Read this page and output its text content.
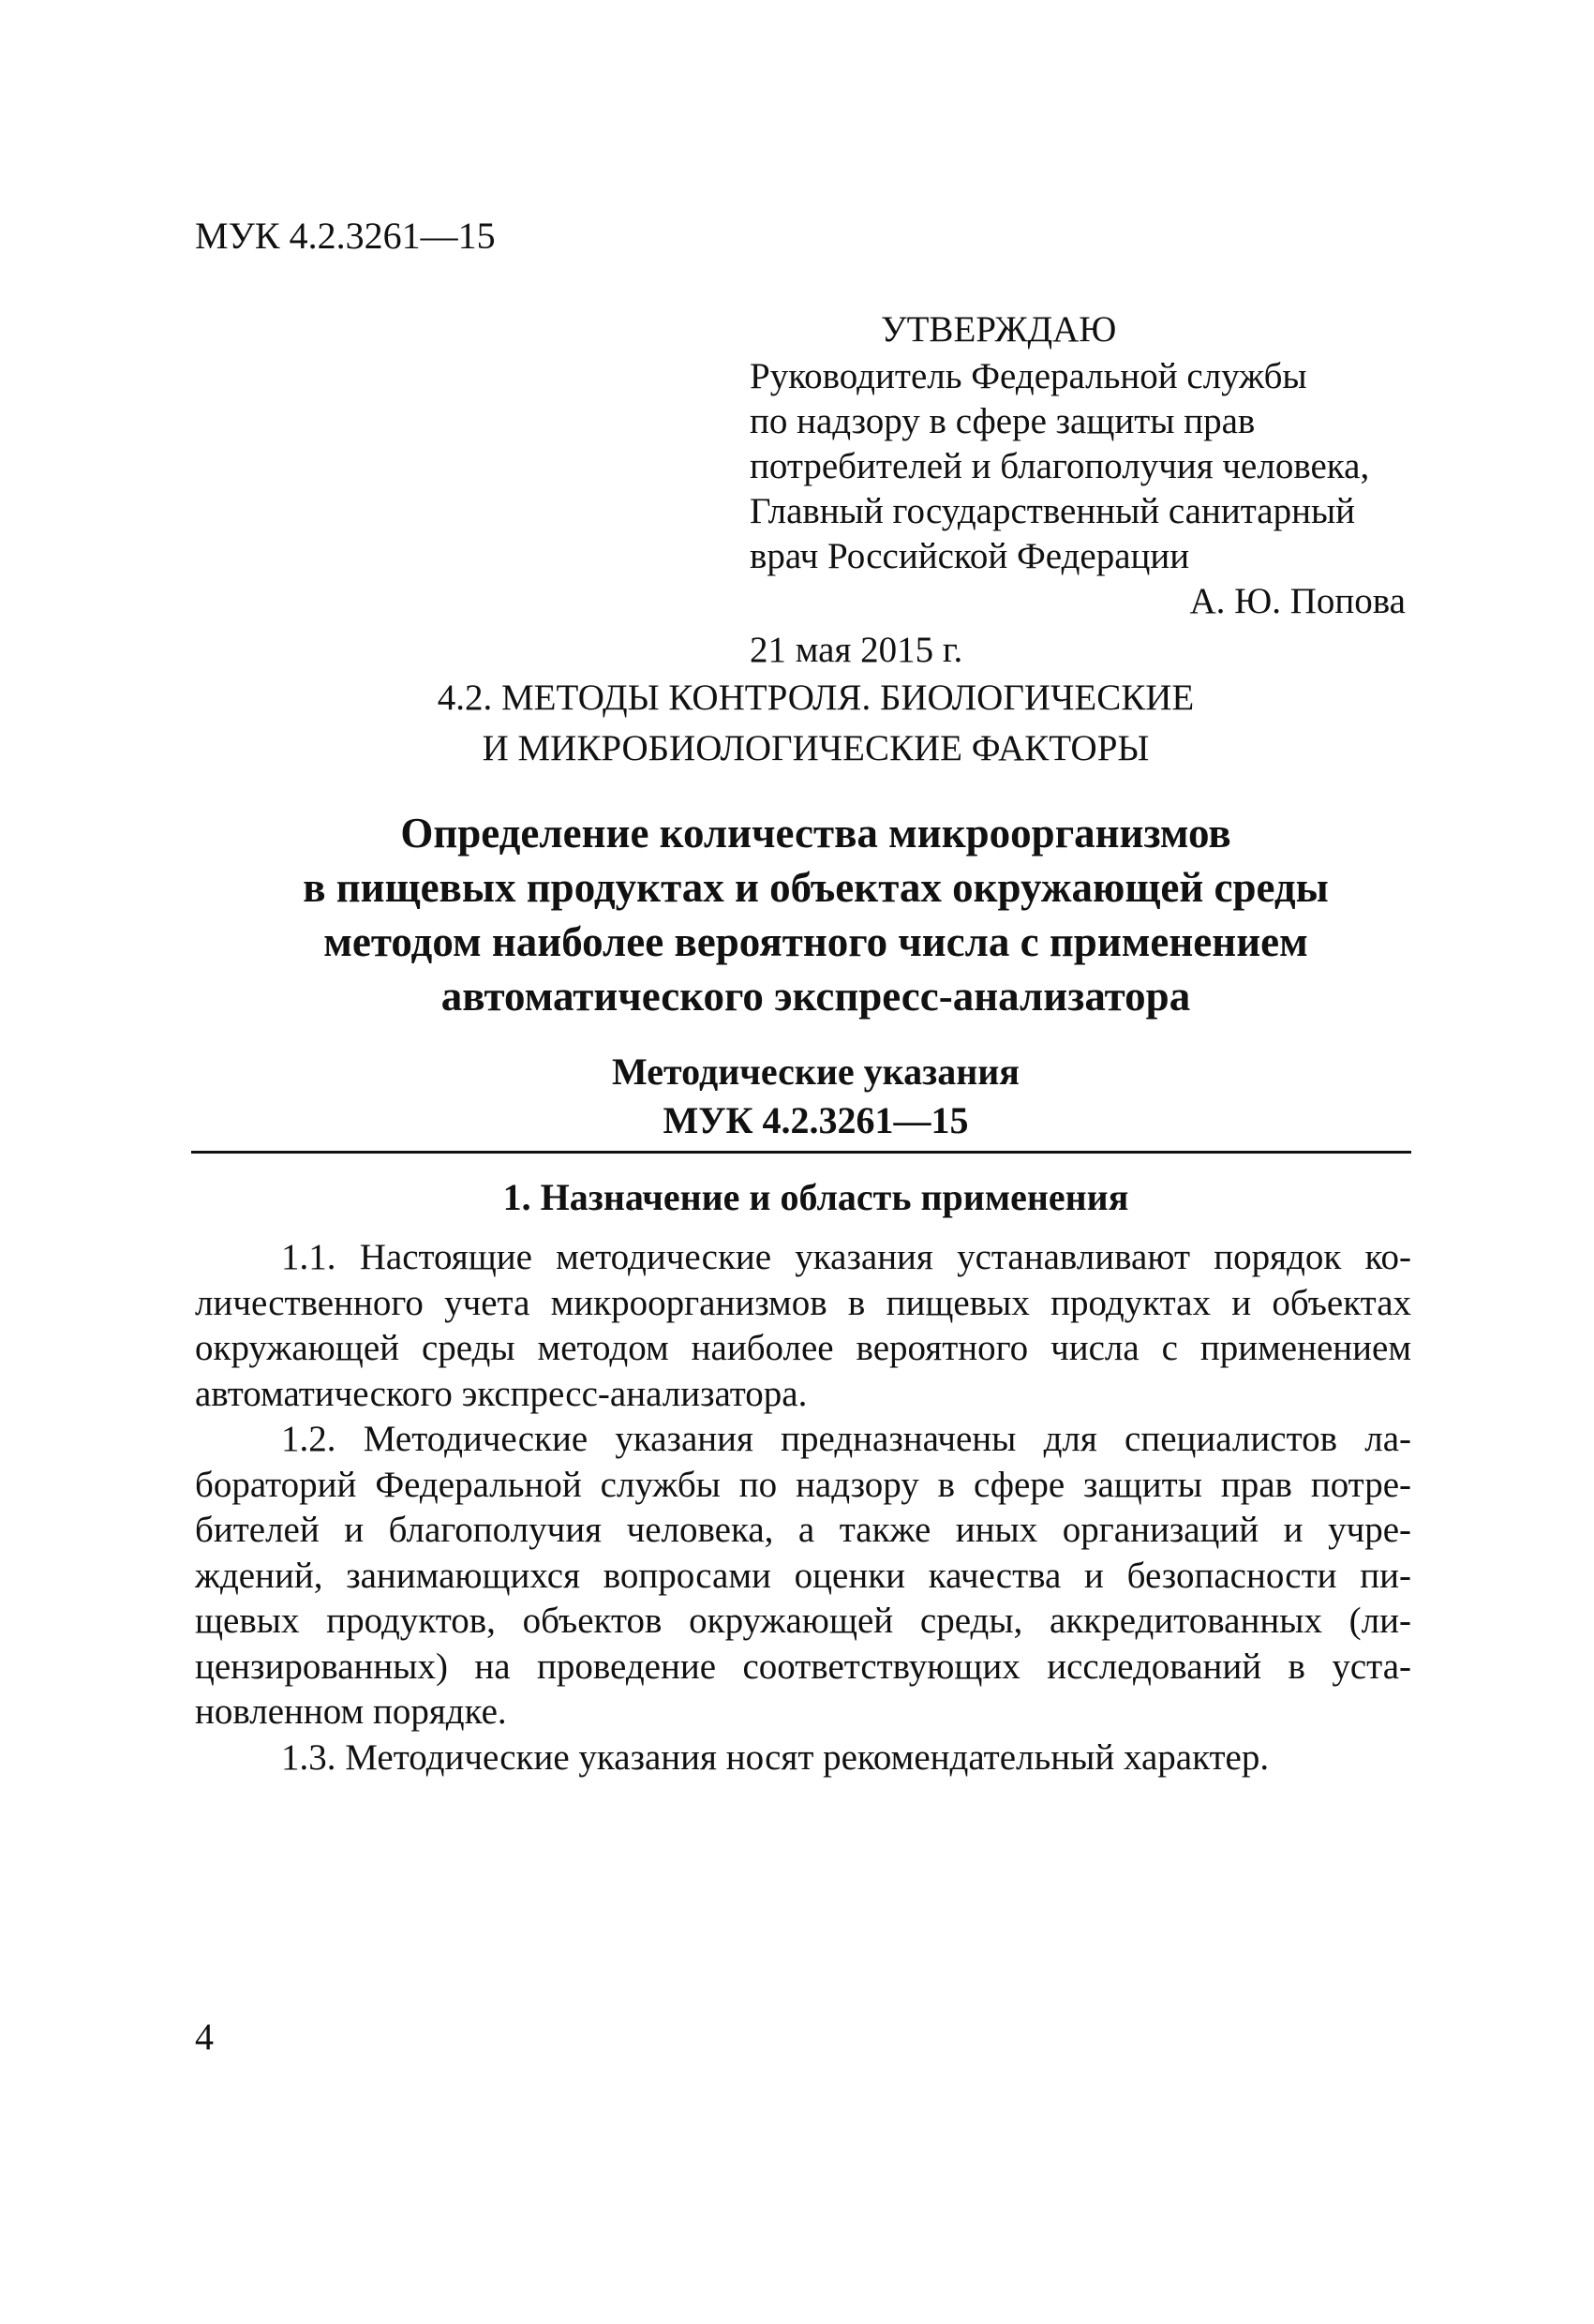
МУК 4.2.3261—15
УТВЕРЖДАЮ
Руководитель Федеральной службы
по надзору в сфере защиты прав
потребителей и благополучия человека,
Главный государственный санитарный
врач Российской Федерации
А. Ю. Попова
21 мая 2015 г.
4.2. МЕТОДЫ КОНТРОЛЯ. БИОЛОГИЧЕСКИЕ
И МИКРОБИОЛОГИЧЕСКИЕ ФАКТОРЫ
Определение количества микроорганизмов
в пищевых продуктах и объектах окружающей среды
методом наиболее вероятного числа с применением
автоматического экспресс-анализатора
Методические указания
МУК 4.2.3261—15
1. Назначение и область применения
1.1. Настоящие методические указания устанавливают порядок ко-
личественного учета микроорганизмов в пищевых продуктах и объектах
окружающей среды методом наиболее вероятного числа с применением
автоматического экспресс-анализатора.
1.2. Методические указания предназначены для специалистов ла-
бораторий Федеральной службы по надзору в сфере защиты прав потре-
бителей и благополучия человека, а также иных организаций и учре-
ждений, занимающихся вопросами оценки качества и безопасности пи-
щевых продуктов, объектов окружающей среды, аккредитованных (ли-
цензированных) на проведение соответствующих исследований в уста-
новленном порядке.
1.3. Методические указания носят рекомендательный характер.
4
